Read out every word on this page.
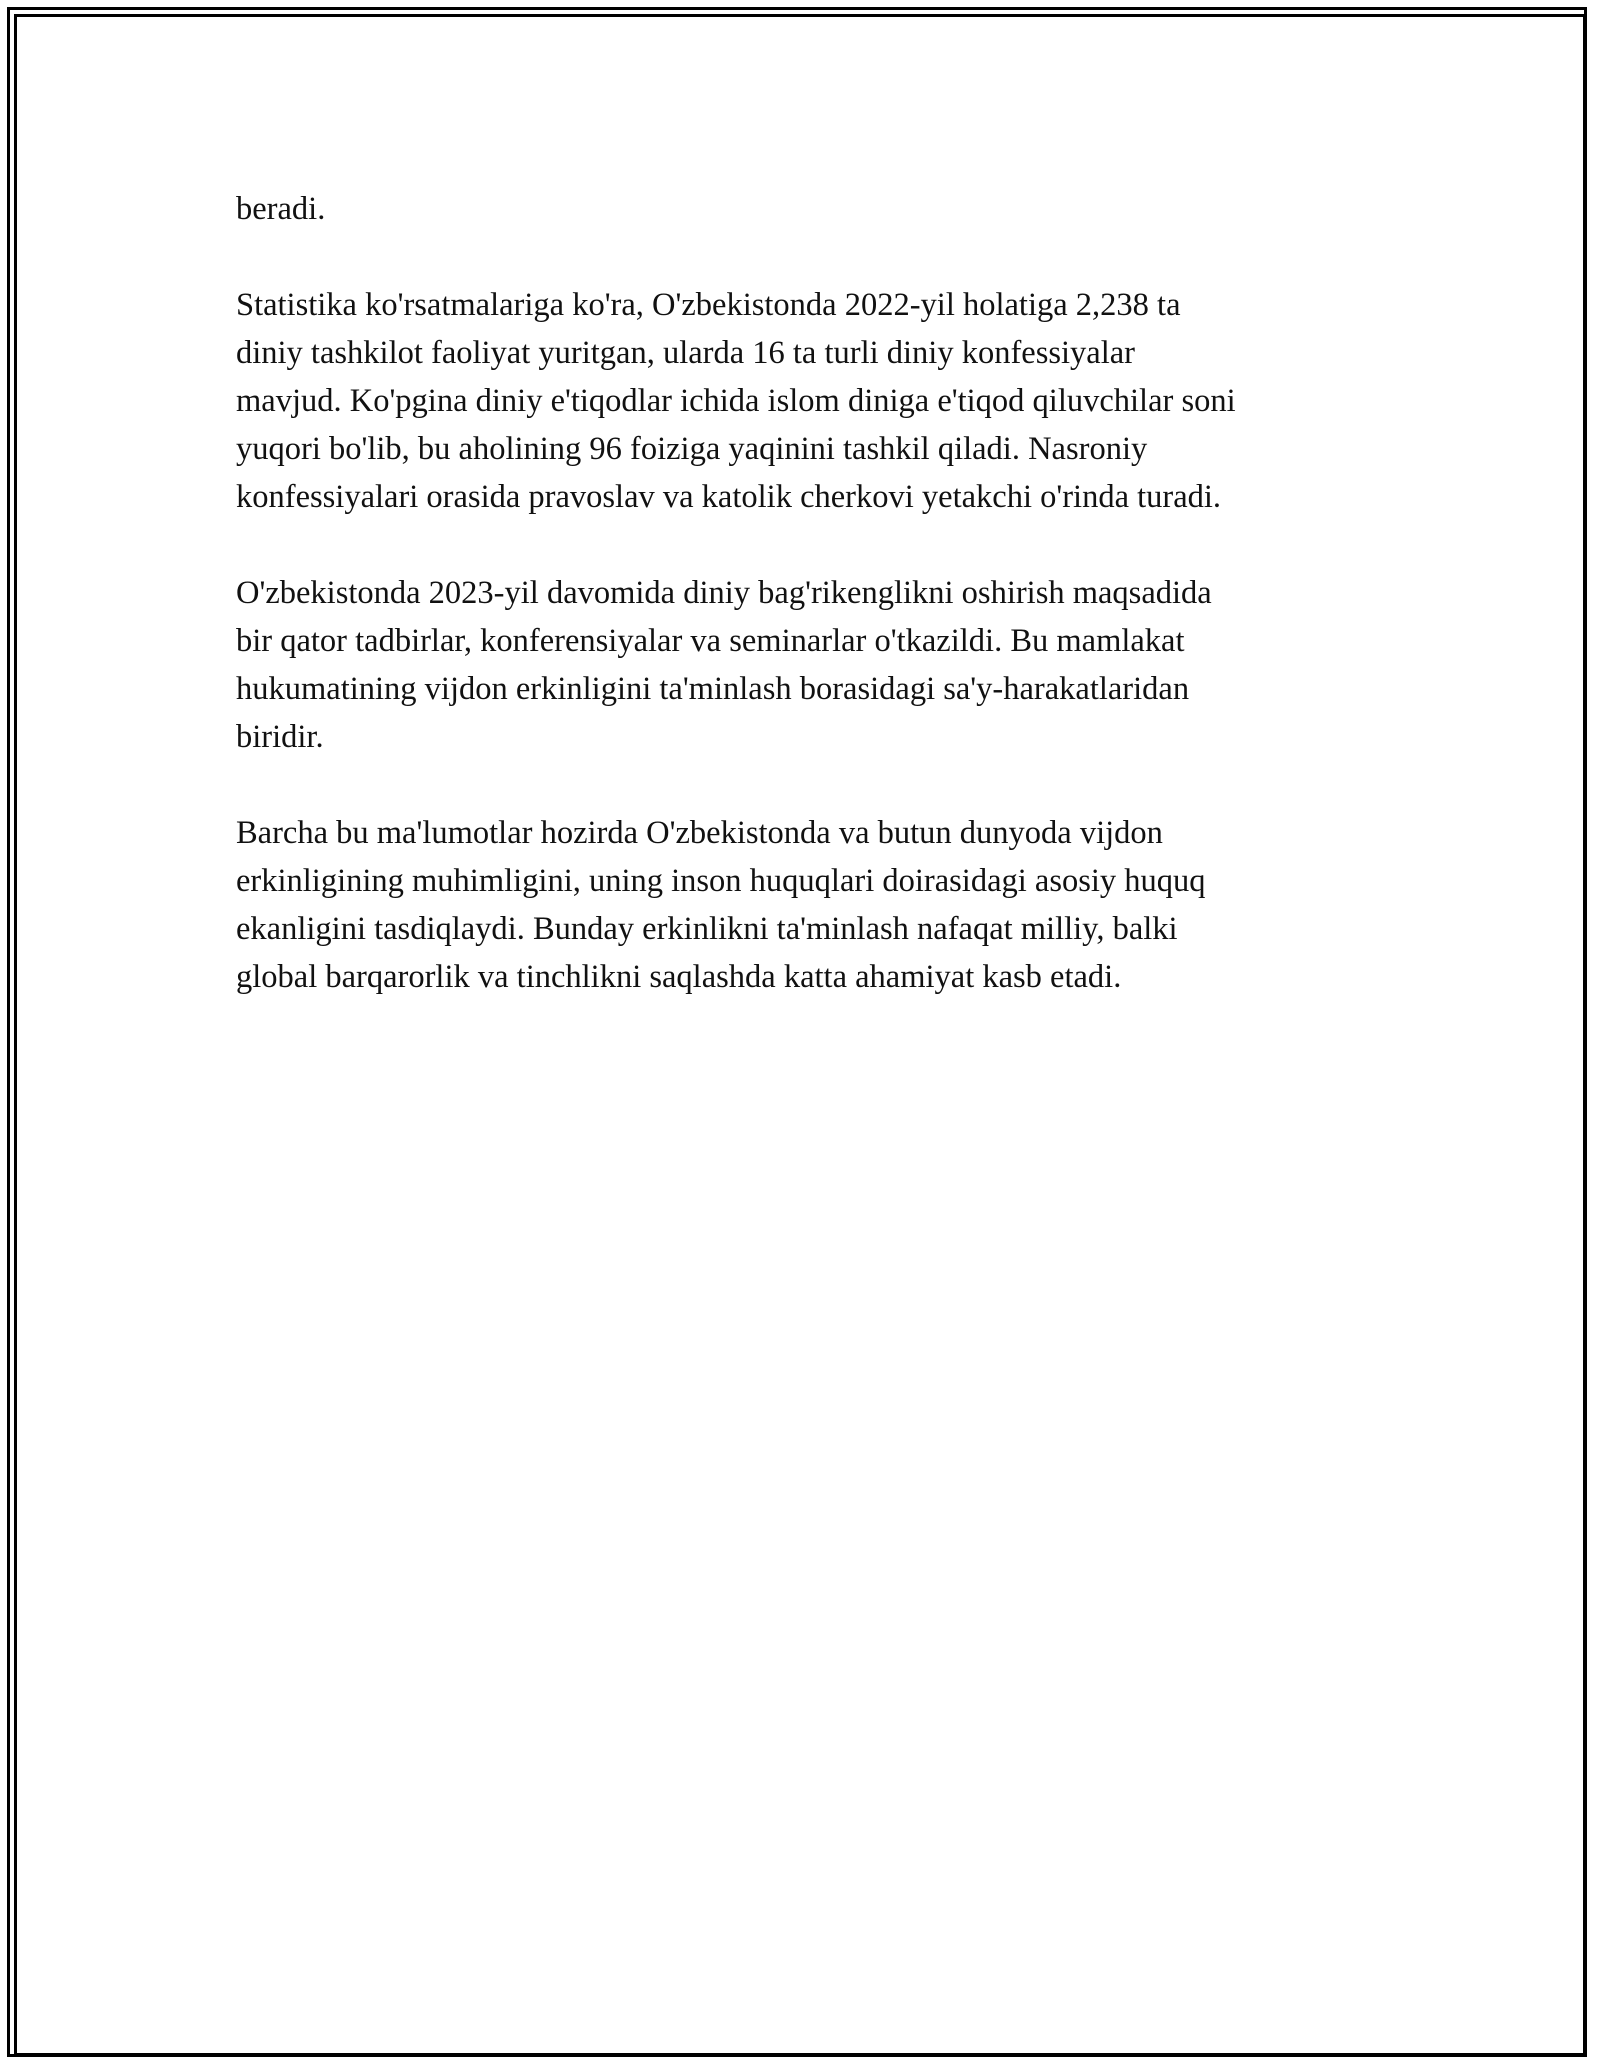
beradi.

Statistika ko'rsatmalariga ko'ra, O'zbekistonda 2022-yil holatiga 2,238 ta
diniy tashkilot faoliyat yuritgan, ularda 16 ta turli diniy konfessiyalar
mavjud. Ko'pgina diniy e'tiqodlar ichida islom diniga e'tiqod qiluvchilar soni
yuqori bo'lib, bu aholining 96 foiziga yaqinini tashkil qiladi. Nasroniy
konfessiyalari orasida pravoslav va katolik cherkovi yetakchi o'rinda turadi.

O'zbekistonda 2023-yil davomida diniy bag'rikenglikni oshirish maqsadida
bir qator tadbirlar, konferensiyalar va seminarlar o'tkazildi. Bu mamlakat
hukumatining vijdon erkinligini ta'minlash borasidagi sa'y-harakatlaridan
biridir.

Barcha bu ma'lumotlar hozirda O'zbekistonda va butun dunyoda vijdon
erkinligining muhimligini, uning inson huquqlari doirasidagi asosiy huquq
ekanligini tasdiqlaydi. Bunday erkinlikni ta'minlash nafaqat milliy, balki
global barqarorlik va tinchlikni saqlashda katta ahamiyat kasb etadi.
